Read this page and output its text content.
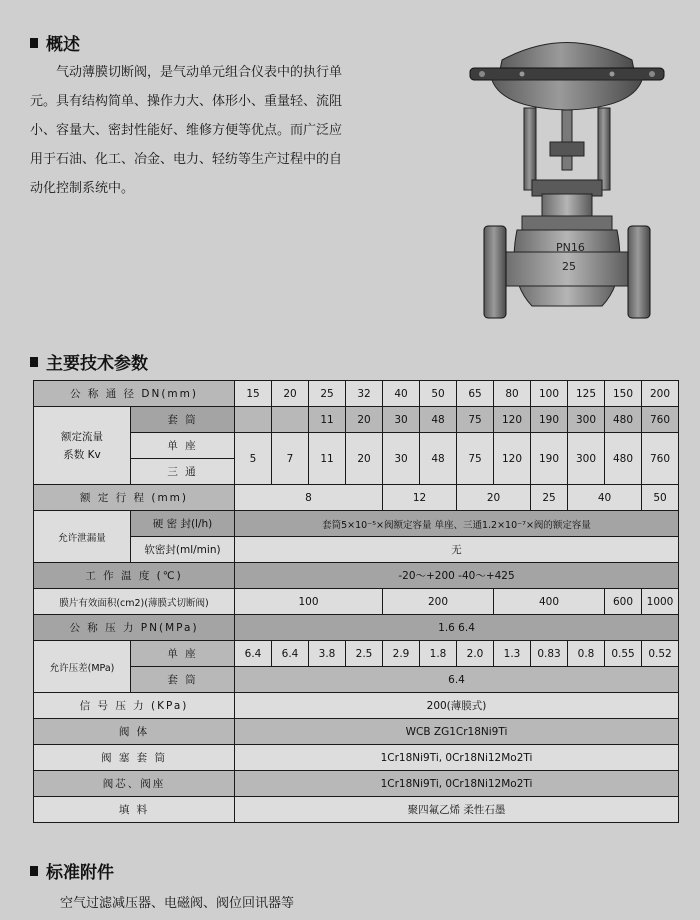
概述

气动薄膜切断阀，是气动单元组合仪表中的执行单

元。具有结构简单、操作力大、体形小、重量轻、流阻

小、容量大、密封性能好、维修方便等优点。而广泛应

用于石油、化工、冶金、电力、轻纺等生产过程中的自

动化控制系统中。

PN16
25
主要技术参数
公 称 通 径 DN(mm)		15	20	25	32	40	50	65	80	100	125	150	200

额定流量
系数 Kv	套 筒			11	20	30	48	75	120	190	300	480	760
	单 座	5	7	11	20	30	48	75	120	190	300	480	760
	三 通												
额 定 行 程 (mm)		8				12		20		25	40		50
允许泄漏量	硬 密 封(l/h)	套筒5×10⁻⁵×阀额定容量 单座、三通1.2×10⁻⁷×阀的额定容量											
	软密封(ml/min)	无											
工 作 温 度 (℃)		-20～+200 -40～+425											
膜片有效面积(cm2)(薄膜式切断阀)		100				200			400			600	1000
公 称 压 力 PN(MPa)		1.6 6.4											
允许压差(MPa)	单 座	6.4	6.4	3.8	2.5	2.9	1.8	2.0	1.3	0.83	0.8	0.55	0.52
	套 筒	6.4											
信 号 压 力 (KPa)		200(薄膜式)											
阀 体		WCB ZG1Cr18Ni9Ti											
阀 塞 套 筒		1Cr18Ni9Ti, 0Cr18Ni12Mo2Ti											
阀芯、阀座		1Cr18Ni9Ti, 0Cr18Ni12Mo2Ti											
填 料		聚四氟乙烯 柔性石墨											
标准附件
空气过滤减压器、电磁阀、阀位回讯器等
